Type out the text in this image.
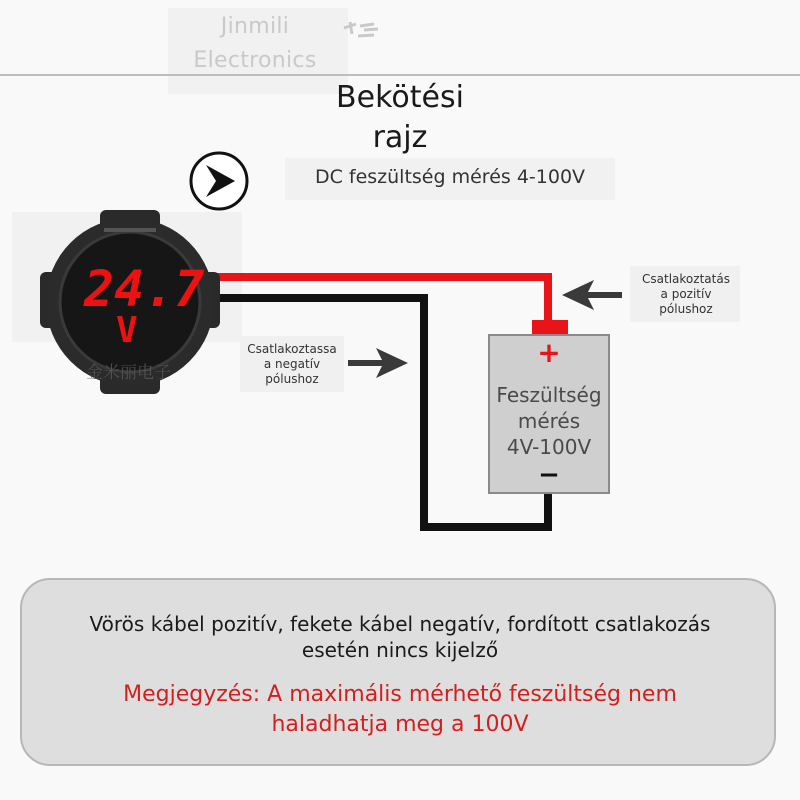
Jinmili
Electronics
Bekötési
rajz
DC feszültség mérés 4-100V
24.7
V
金米丽电子
Csatlakoztatás
a pozitív
pólushoz
Csatlakoztassa
a negatív
pólushoz
+
Feszültség
mérés
4V-100V
−
Vörös kábel pozitív, fekete kábel negatív, fordított csatlakozás
esetén nincs kijelző
Megjegyzés: A maximális mérhető feszültség nem
haladhatja meg a 100V
